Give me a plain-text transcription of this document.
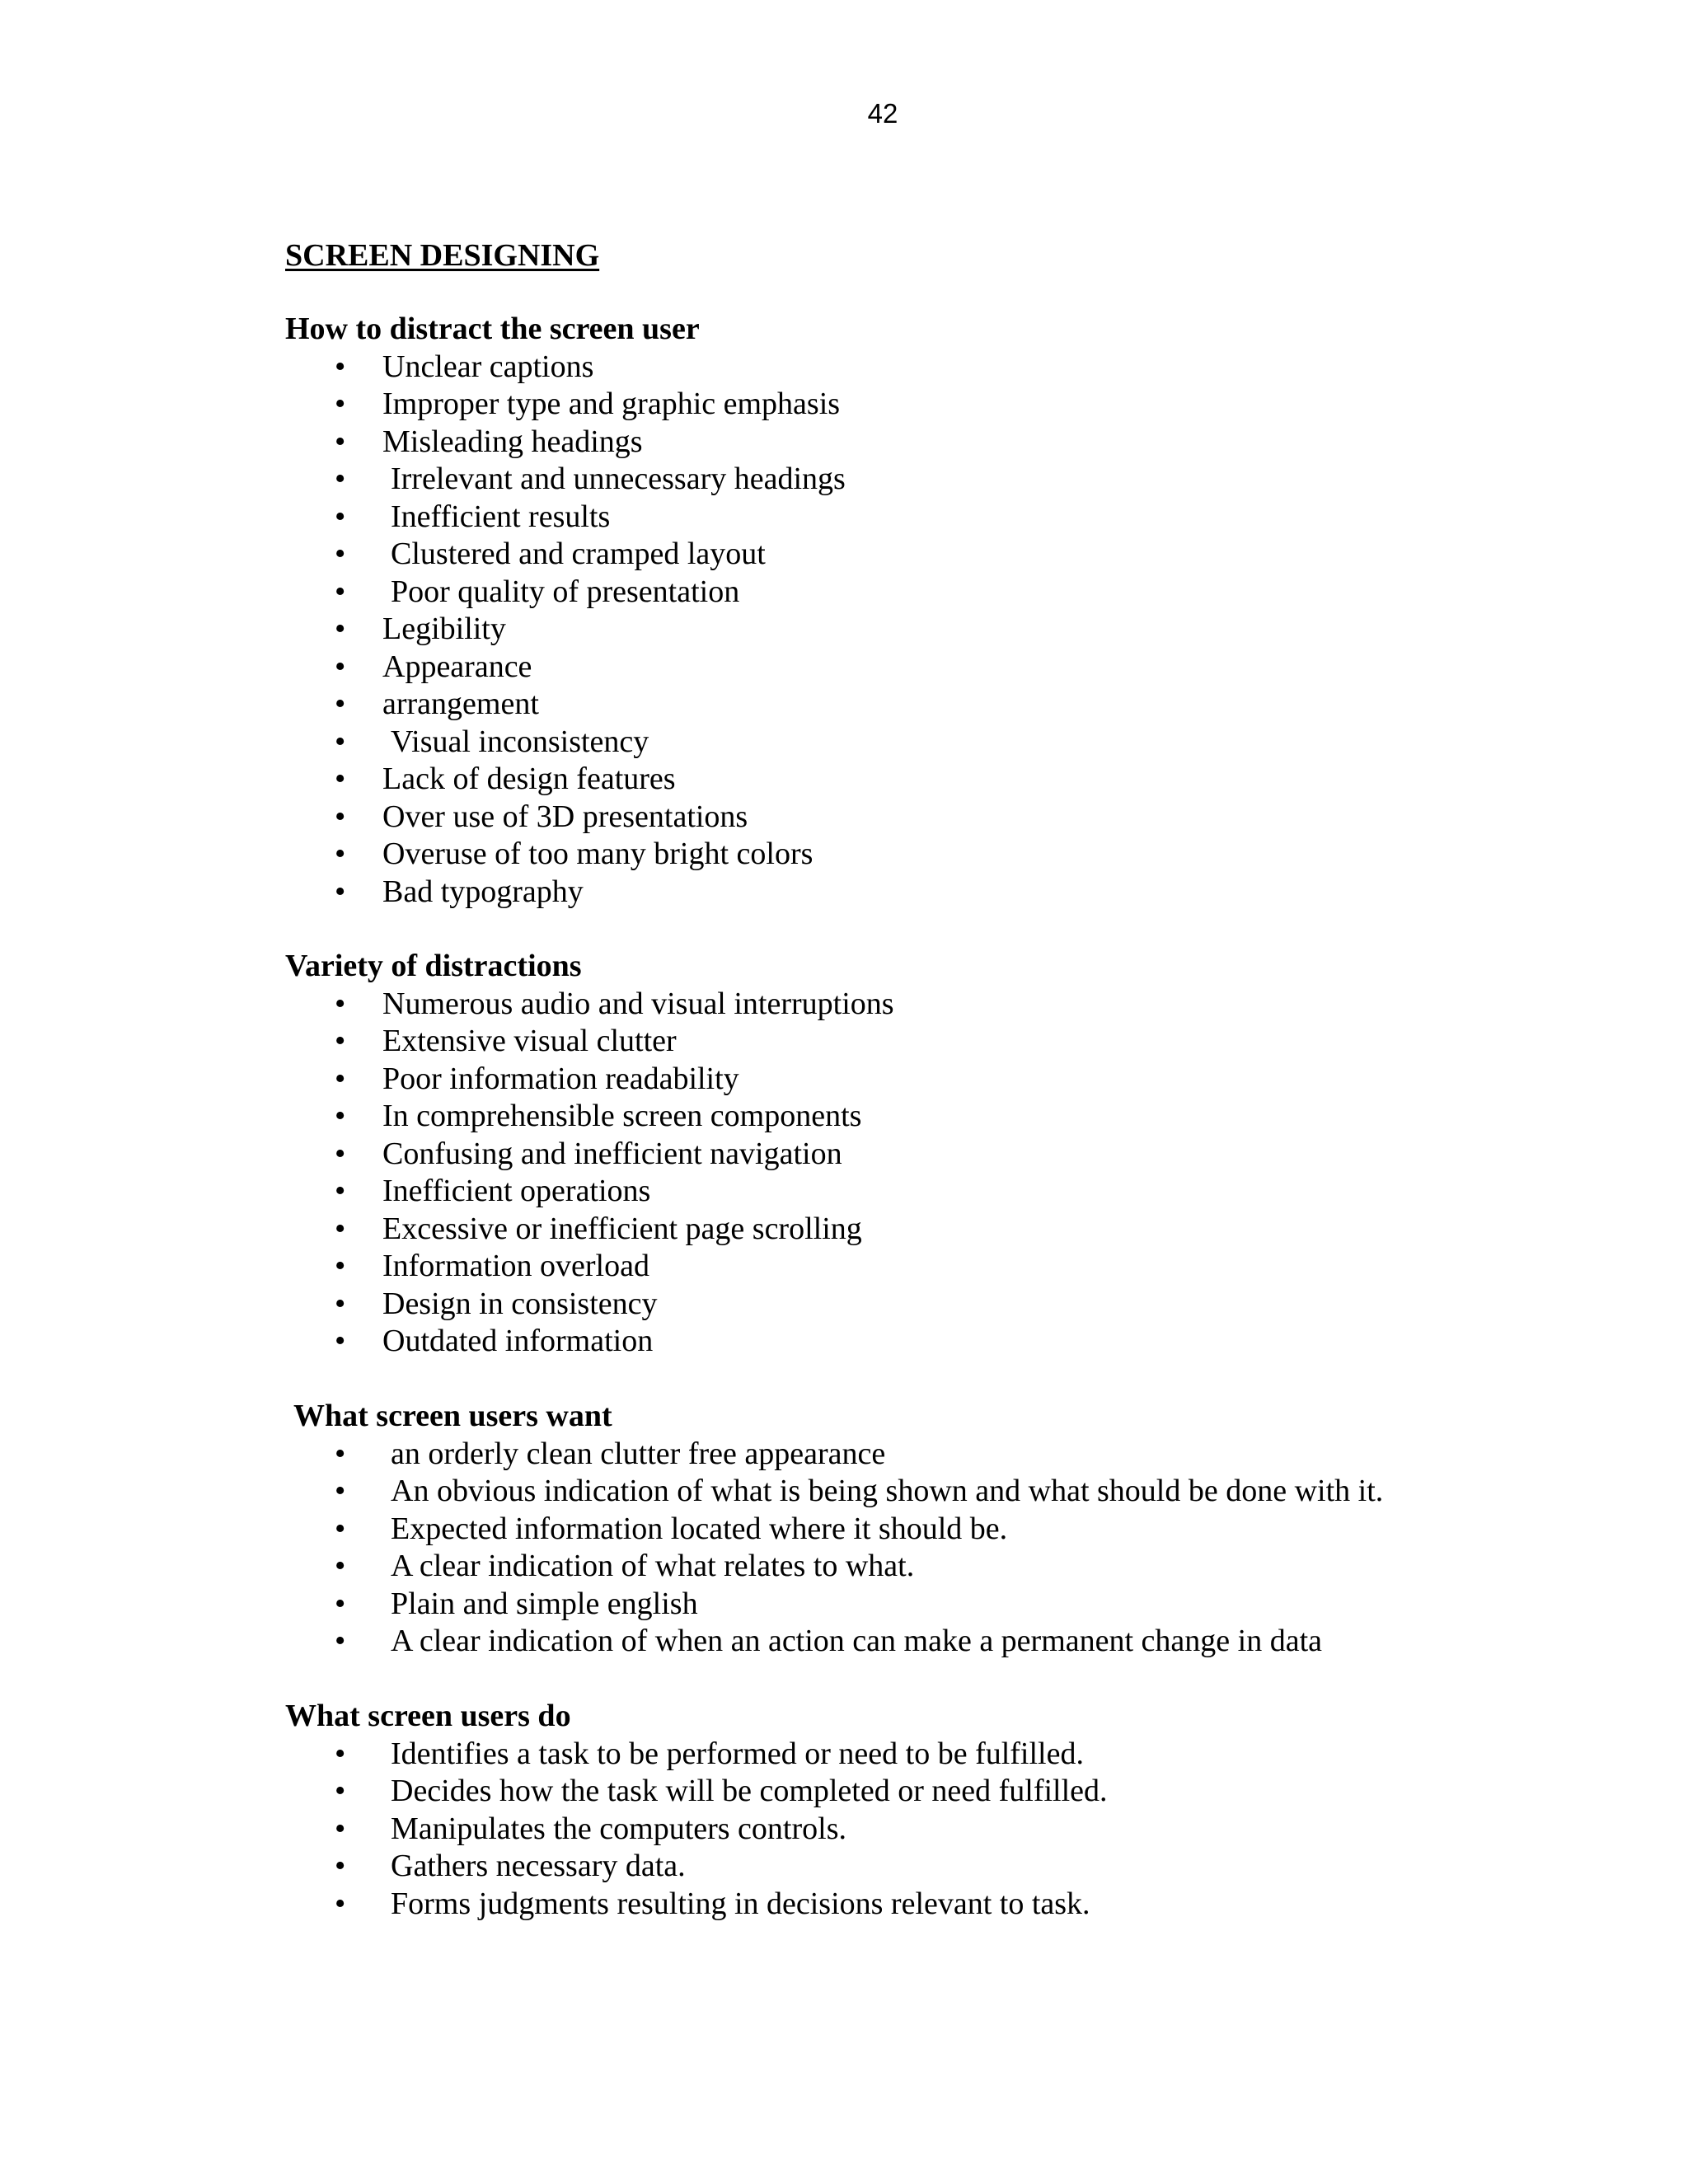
42
SCREEN DESIGNING
How to distract the screen user
• Unclear captions
• Improper type and graphic emphasis
• Misleading headings
• Irrelevant and unnecessary headings
• Inefficient results
• Clustered and cramped layout
• Poor quality of presentation
• Legibility
• Appearance
• arrangement
• Visual inconsistency
• Lack of design features
• Over use of 3D presentations
• Overuse of too many bright colors
• Bad typography
Variety of distractions
• Numerous audio and visual interruptions
• Extensive visual clutter
• Poor information readability
• In comprehensible screen components
• Confusing and inefficient navigation
• Inefficient operations
• Excessive or inefficient page scrolling
• Information overload
• Design in consistency
• Outdated information
What screen users want
• an orderly clean clutter free appearance
• An obvious indication of what is being shown and what should be done with it.
• Expected information located where it should be.
• A clear indication of what relates to what.
• Plain and simple english
• A clear indication of when an action can make a permanent change in data
What screen users do
• Identifies a task to be performed or need to be fulfilled.
• Decides how the task will be completed or need fulfilled.
• Manipulates the computers controls.
• Gathers necessary data.
• Forms judgments resulting in decisions relevant to task.
